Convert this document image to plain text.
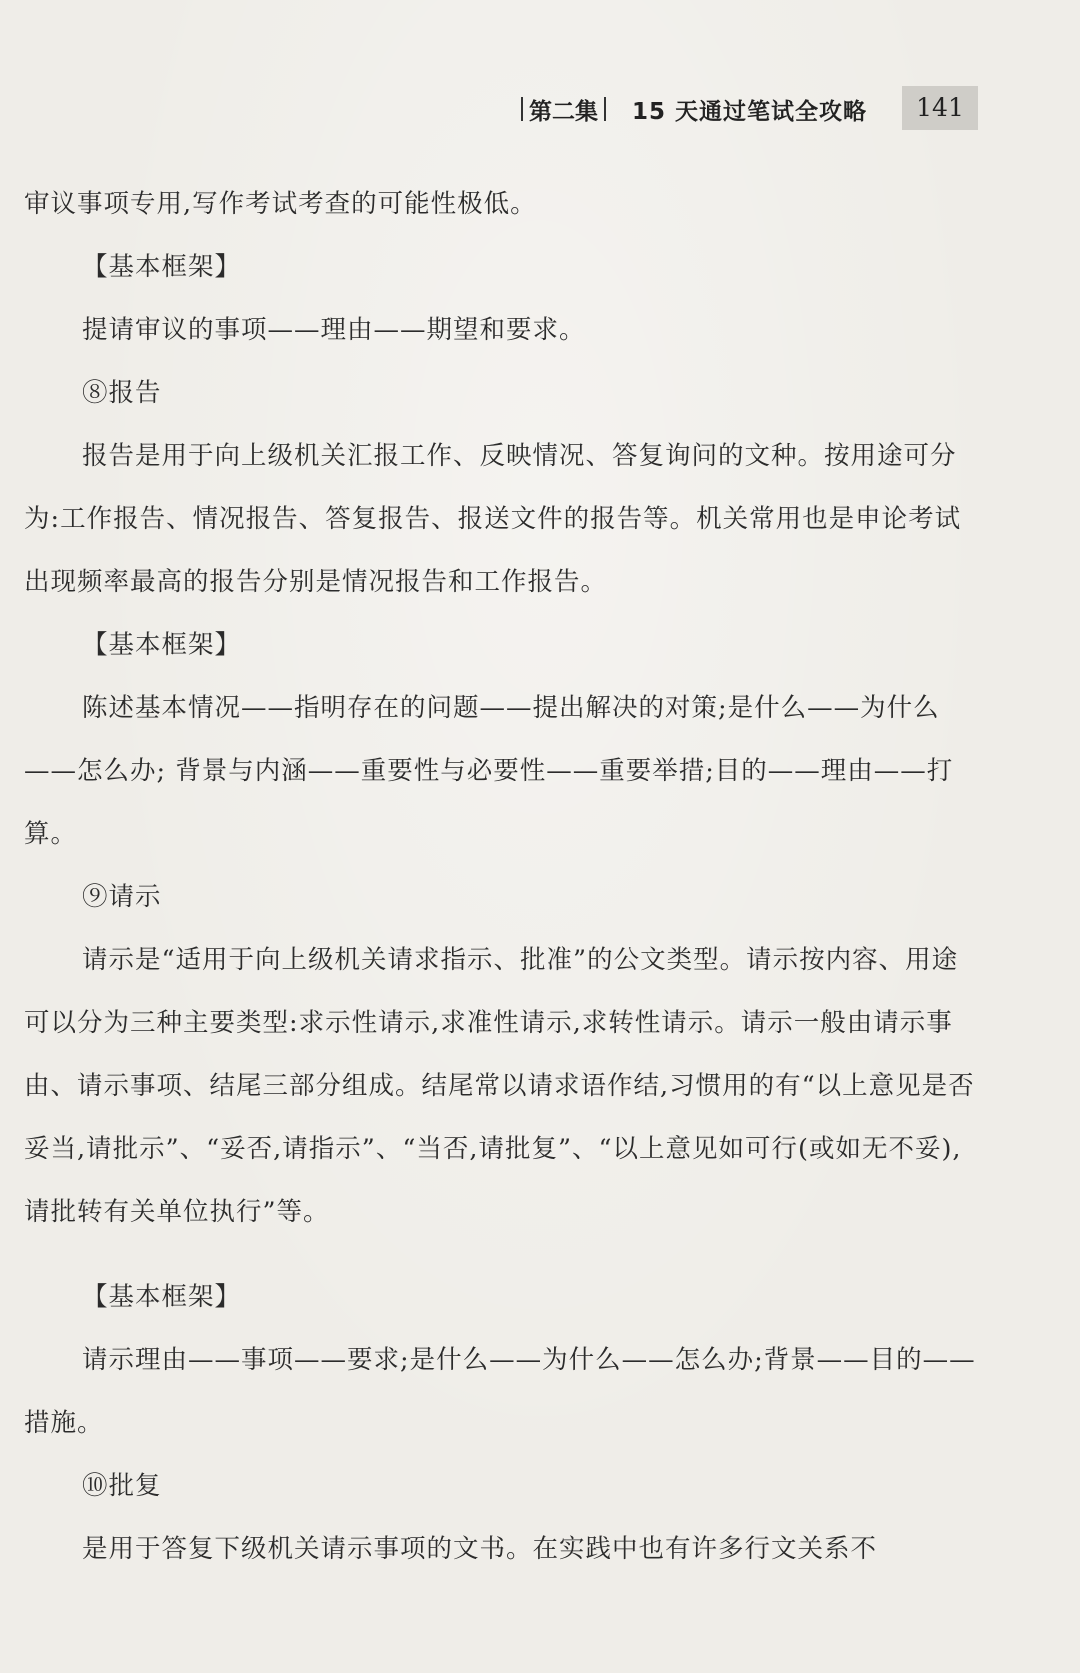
第二集 15 天通过笔试全攻略	141

审议事项专用,写作考试考查的可能性极低。

【基本框架】

提请审议的事项——理由——期望和要求。

⑧报告

报告是用于向上级机关汇报工作、反映情况、答复询问的文种。按用途可分为:工作报告、情况报告、答复报告、报送文件的报告等。机关常用也是申论考试出现频率最高的报告分别是情况报告和工作报告。

【基本框架】

陈述基本情况——指明存在的问题——提出解决的对策;是什么——为什么——怎么办; 背景与内涵——重要性与必要性——重要举措;目的——理由——打算。

⑨请示

请示是“适用于向上级机关请求指示、批准”的公文类型。请示按内容、用途可以分为三种主要类型:求示性请示,求准性请示,求转性请示。请示一般由请示事由、请示事项、结尾三部分组成。结尾常以请求语作结,习惯用的有“以上意见是否妥当,请批示”、“妥否,请指示”、“当否,请批复”、“以上意见如可行(或如无不妥),请批转有关单位执行”等。

【基本框架】

请示理由——事项——要求;是什么——为什么——怎么办;背景——目的——措施。

⑩批复

是用于答复下级机关请示事项的文书。在实践中也有许多行文关系不
